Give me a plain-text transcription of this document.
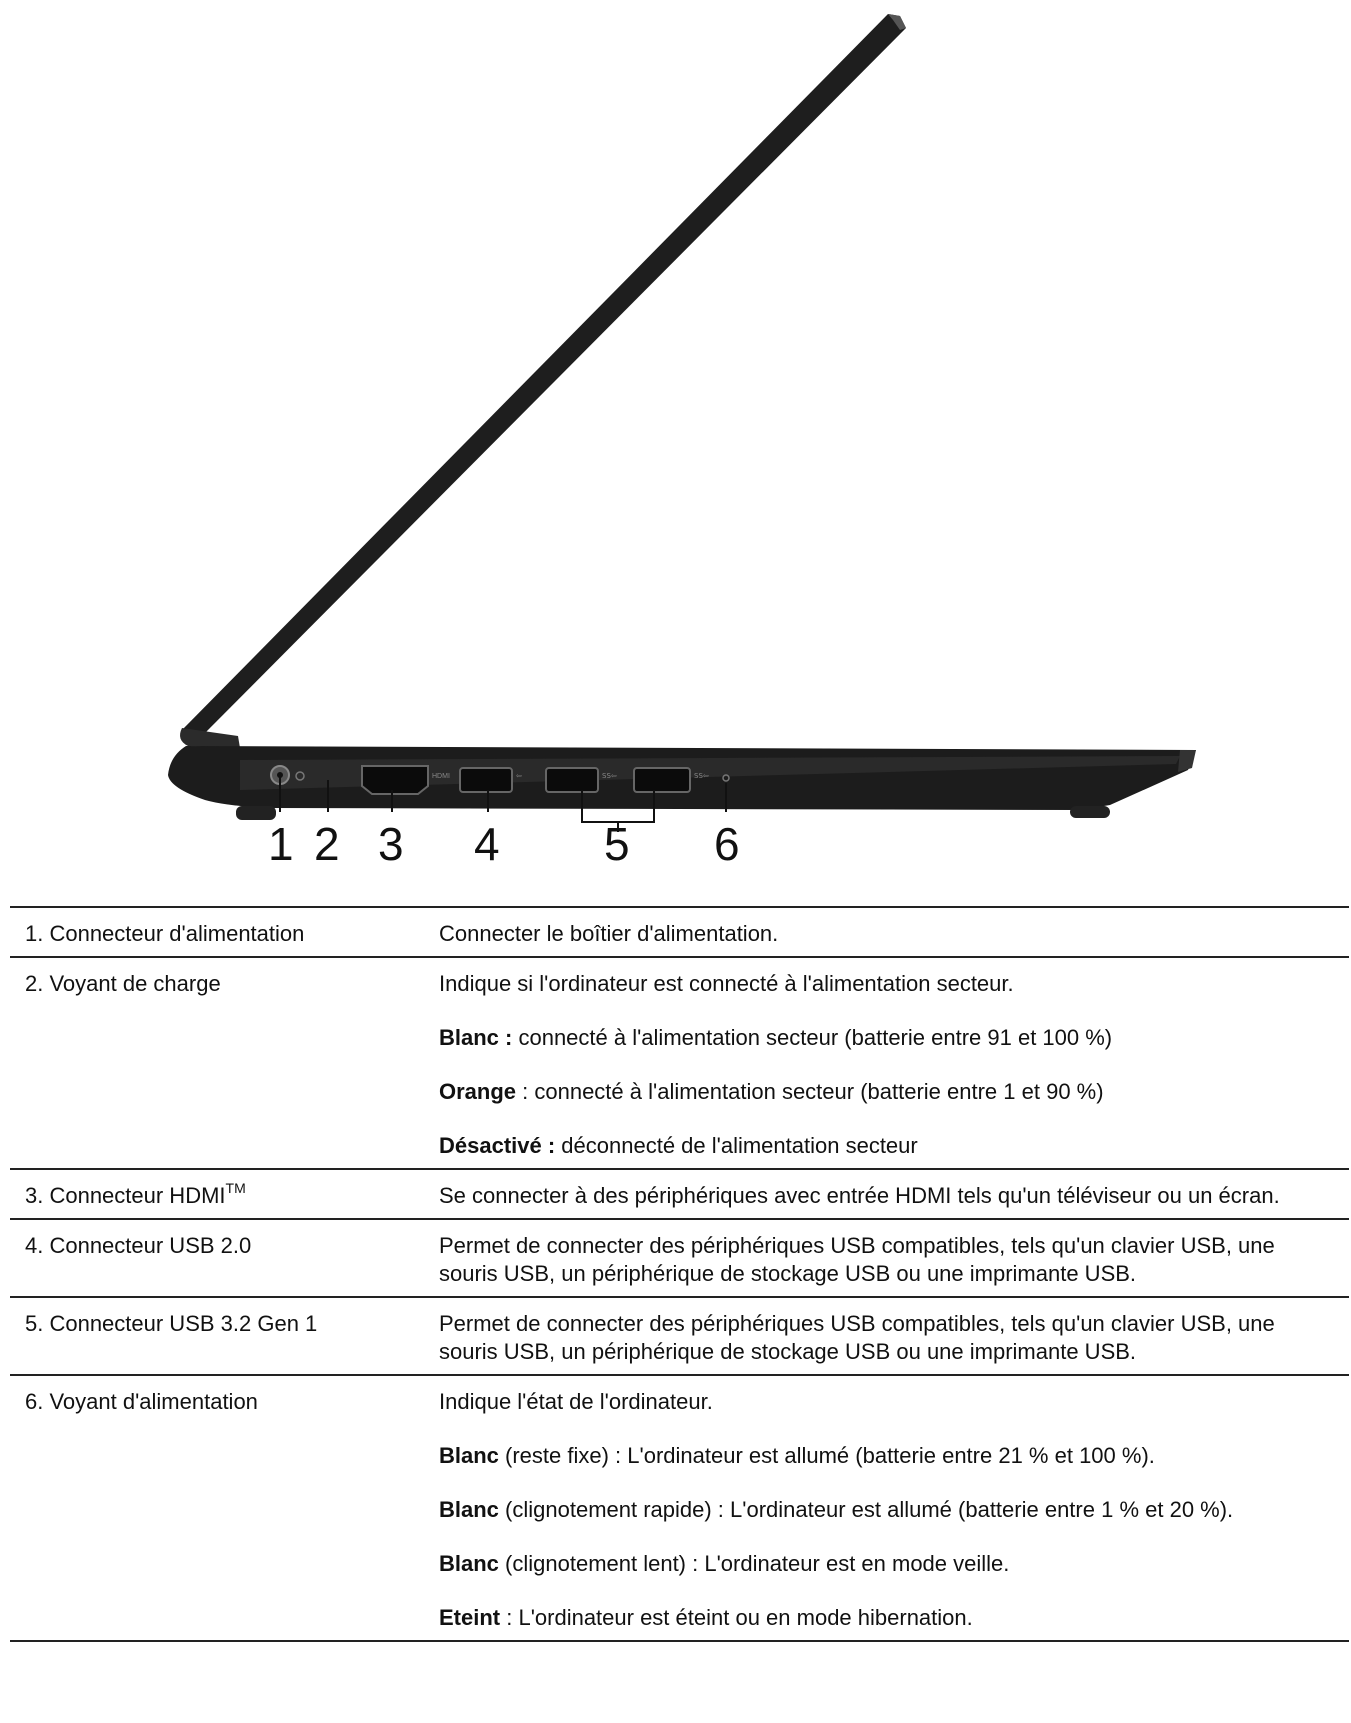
HDMI	⇦	SS⇦	SS⇦
1 2 3 4 5 6
1. Connecteur d'alimentation	Connecter le boîtier d'alimentation.

2. Voyant de charge	Indique si l'ordinateur est connecté à l'alimentation secteur.

Blanc : connecté à l'alimentation secteur (batterie entre 91 et 100 %)

Orange : connecté à l'alimentation secteur (batterie entre 1 et 90 %)

Désactivé : déconnecté de l'alimentation secteur

3. Connecteur HDMI™	Se connecter à des périphériques avec entrée HDMI tels qu'un téléviseur ou un écran.

4. Connecteur USB 2.0	Permet de connecter des périphériques USB compatibles, tels qu'un clavier USB, une souris USB, un périphérique de stockage USB ou une imprimante USB.

5. Connecteur USB 3.2 Gen 1	Permet de connecter des périphériques USB compatibles, tels qu'un clavier USB, une souris USB, un périphérique de stockage USB ou une imprimante USB.

6. Voyant d'alimentation	Indique l'état de l'ordinateur.

Blanc (reste fixe) : L'ordinateur est allumé (batterie entre 21 % et 100 %).

Blanc (clignotement rapide) : L'ordinateur est allumé (batterie entre 1 % et 20 %).

Blanc (clignotement lent) : L'ordinateur est en mode veille.

Eteint : L'ordinateur est éteint ou en mode hibernation.
